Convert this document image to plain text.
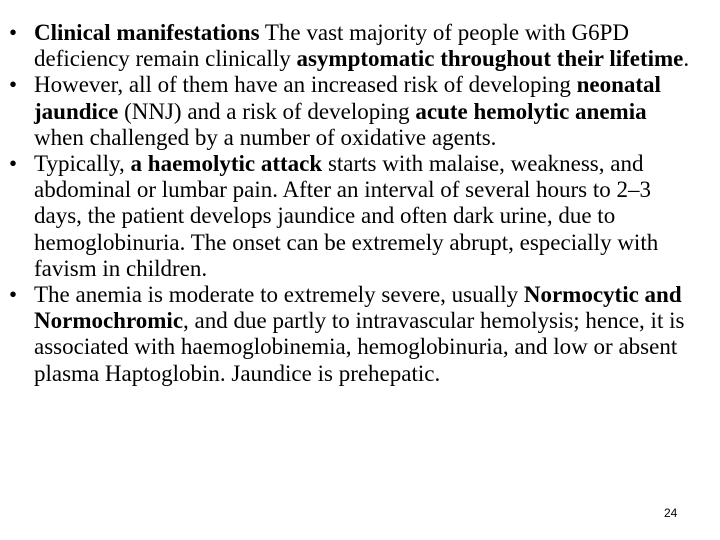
• Clinical manifestations The vast majority of people with G6PD deficiency remain clinically asymptomatic throughout their lifetime.
• However, all of them have an increased risk of developing neonatal jaundice (NNJ) and a risk of developing acute hemolytic anemia when challenged by a number of oxidative agents.
• Typically, a haemolytic attack starts with malaise, weakness, and abdominal or lumbar pain. After an interval of several hours to 2–3 days, the patient develops jaundice and often dark urine, due to hemoglobinuria. The onset can be extremely abrupt, especially with favism in children.
• The anemia is moderate to extremely severe, usually Normocytic and Normochromic, and due partly to intravascular hemolysis; hence, it is associated with haemoglobinemia, hemoglobinuria, and low or absent plasma Haptoglobin. Jaundice is prehepatic.
24
